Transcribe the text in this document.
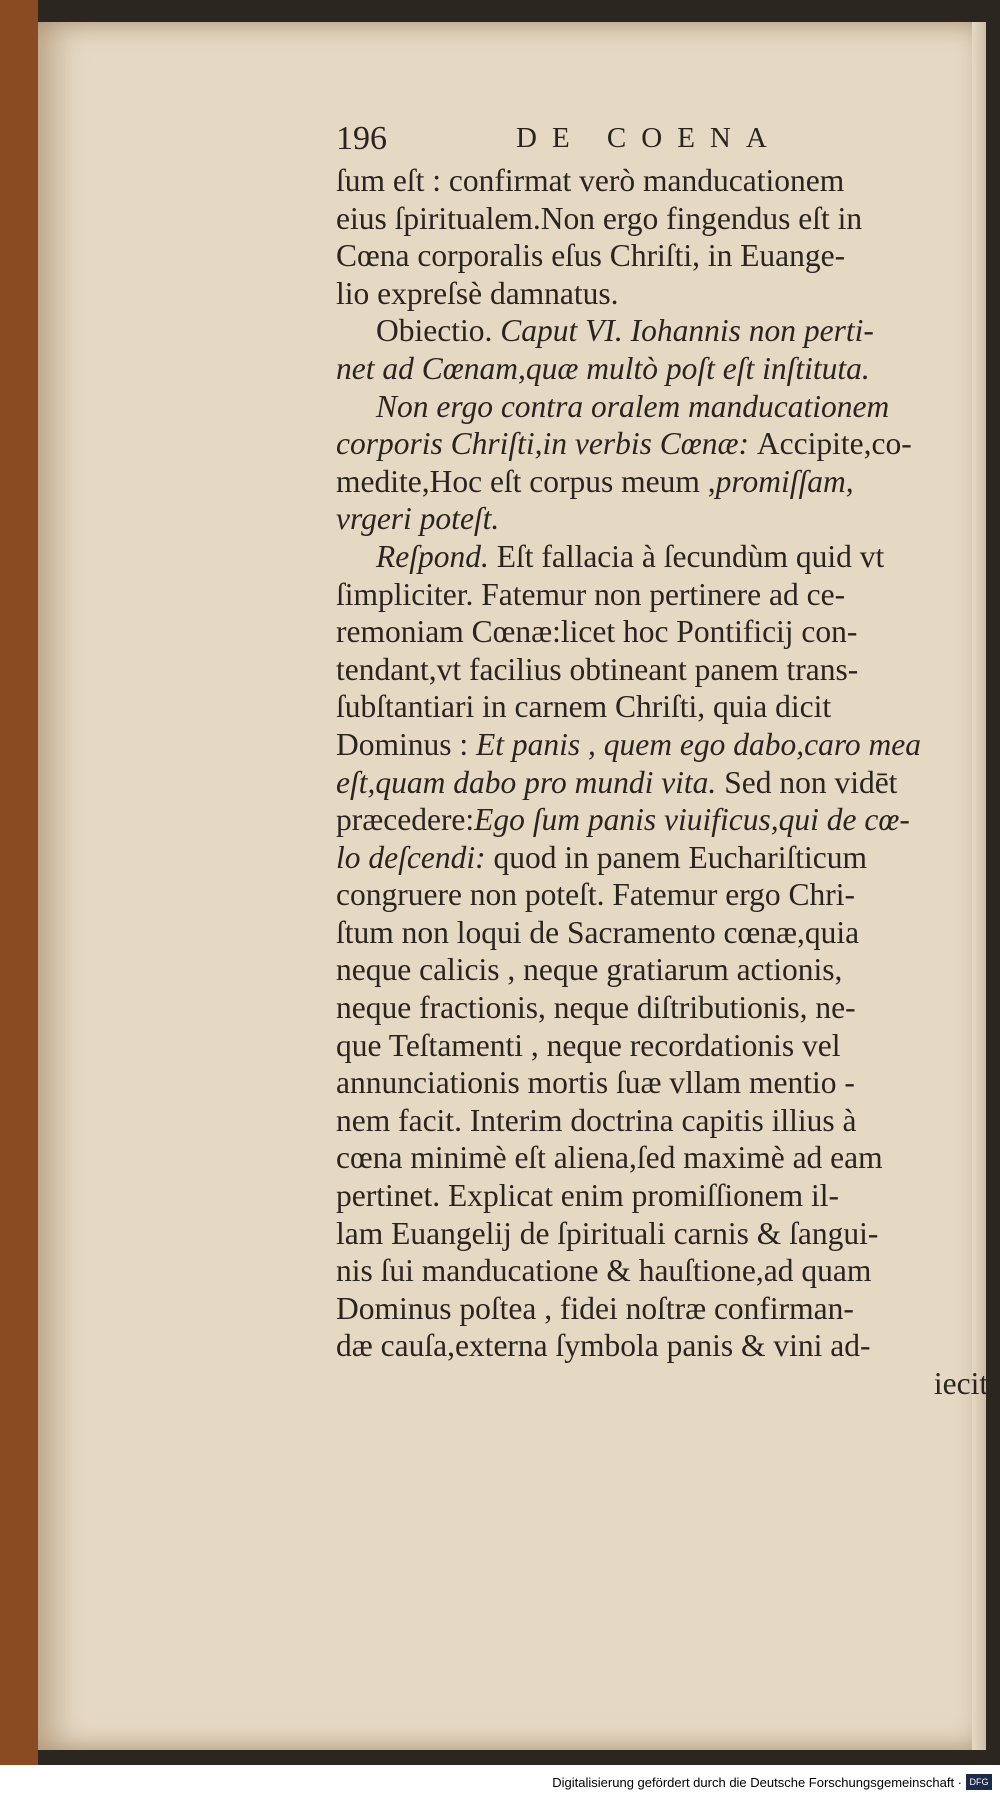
196	DE COENA
ſum eſt : confirmat verò manducationem
eius ſpiritualem.Non ergo fingendus eſt in
Cœna corporalis eſus Chriſti, in Euange-
lio expreſsè damnatus.
Obiectio. Caput VI. Iohannis non perti-
net ad Cœnam,quæ multò poſt eſt inſtituta.
Non ergo contra oralem manducationem
corporis Chriſti,in verbis Cœnæ: Accipite,co-
medite,Hoc eſt corpus meum ,promiſſam,
vrgeri poteſt.
Reſpond. Eſt fallacia à ſecundùm quid vt
ſimpliciter. Fatemur non pertinere ad ce-
remoniam Cœnæ:licet hoc Pontificij con-
tendant,vt facilius obtineant panem trans-
ſubſtantiari in carnem Chriſti, quia dicit
Dominus : Et panis , quem ego dabo,caro mea
eſt,quam dabo pro mundi vita. Sed non vidēt
præcedere:Ego ſum panis viuificus,qui de cœ-
lo deſcendi: quod in panem Euchariſticum
congruere non poteſt. Fatemur ergo Chri-
ſtum non loqui de Sacramento cœnæ,quia
neque calicis , neque gratiarum actionis,
neque fractionis, neque diſtributionis, ne-
que Teſtamenti , neque recordationis vel
annunciationis mortis ſuæ vllam mentio -
nem facit. Interim doctrina capitis illius à
cœna minimè eſt aliena,ſed maximè ad eam
pertinet. Explicat enim promiſſionem il-
lam Euangelij de ſpirituali carnis & ſangui-
nis ſui manducatione & hauſtione,ad quam
Dominus poſtea , fidei noſtræ confirman-
dæ cauſa,externa ſymbola panis & vini ad-
iecit.
Digitalisierung gefördert durch die Deutsche Forschungsgemeinschaft · DFG
